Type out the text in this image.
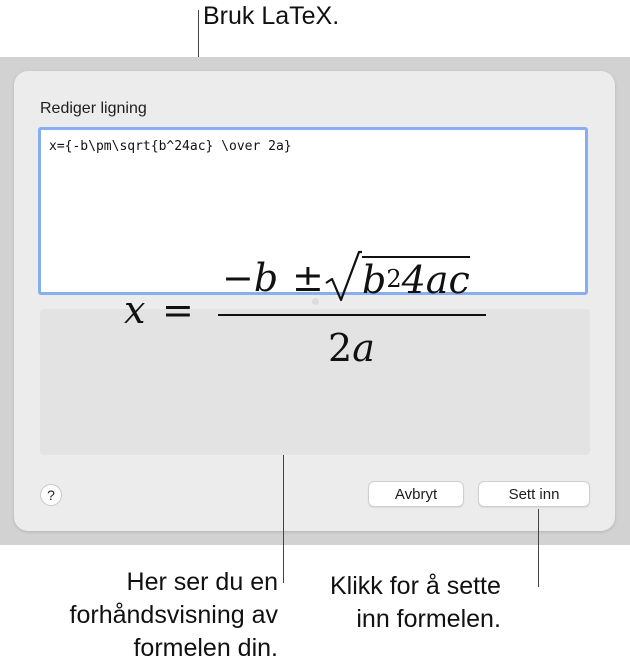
Bruk LaTeX.
Rediger ligning
x={-b\pm\sqrt{b^24ac} \over 2a}
?	Avbryt	Sett inn
x =
$-b \pm b^24ac$
2a
Her ser du en
forhåndsvisning av
formelen din.
Klikk for å sette
inn formelen.
